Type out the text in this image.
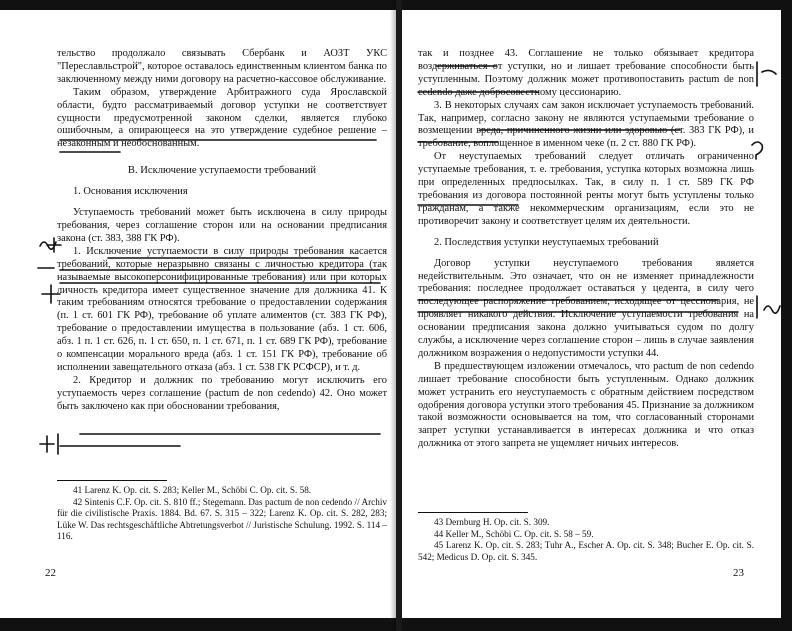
тельство продолжало связывать Сбербанк и АОЗТ УКС "Переславльстрой", которое оставалось единственным клиентом банка по заключенному между ними договору на расчетно-кассовое обслуживание.

Таким образом, утверждение Арбитражного суда Ярославской области, будто рассматриваемый договор уступки не соответствует сущности предусмотренной законом сделки, является глубоко ошибочным, а опирающееся на это утверждение судебное решение – незаконным и необоснованным.

В. Исключение уступаемости требований
1. Основания исключения

Уступаемость требований может быть исключена в силу природы требования, через соглашение сторон или на основании предписания закона (ст. 383, 388 ГК РФ).

1. Исключение уступаемости в силу природы требования касается требований, которые неразрывно связаны с личностью кредитора (так называемые высокоперсонифицированные требования) или при которых личность кредитора имеет существенное значение для должника 41. К таким требованиям относятся требование о предоставлении содержания (п. 1 ст. 601 ГК РФ), требование об уплате алиментов (ст. 383 ГК РФ), требование о предоставлении имущества в пользование (абз. 1 ст. 606, абз. 1 п. 1 ст. 626, п. 1 ст. 650, п. 1 ст. 671, п. 1 ст. 689 ГК РФ), требование о компенсации морального вреда (абз. 1 ст. 151 ГК РФ), требование об исполнении завещательного отказа (абз. 1 ст. 538 ГК РСФСР), и т. д.

2. Кредитор и должник по требованию могут исключить его уступаемость через соглашение (pactum de non cedendo) 42. Оно может быть заключено как при обосновании требования,

41 Larenz K. Op. cit. S. 283; Keller M., Schöbi C. Op. cit. S. 58.

42 Sintenis C.F. Op. cit. S. 810 ff.; Stegemann. Das pactum de non cedendo // Archiv für die civilistische Praxis. 1884. Bd. 67. S. 315 – 322; Larenz K. Op. cit. S. 282, 283; Lüke W. Das rechtsgeschäftliche Abtretungsverbot // Juristische Schulung. 1992. S. 114 – 116.

22

так и позднее 43. Соглашение не только обязывает кредитора воздерживаться от уступки, но и лишает требование способности быть уступленным. Поэтому должник может противопоставить pactum de non cedendo даже добросовестному цессионарию.

3. В некоторых случаях сам закон исключает уступаемость требований. Так, например, согласно закону не являются уступаемыми требование о возмещении вреда, причиненного жизни или здоровью (ст. 383 ГК РФ), и требование, воплощенное в именном чеке (п. 2 ст. 880 ГК РФ).

От неуступаемых требований следует отличать ограниченно уступаемые требования, т. е. требования, уступка которых возможна лишь при определенных предпосылках. Так, в силу п. 1 ст. 589 ГК РФ требования из договора постоянной ренты могут быть уступлены только гражданам, а также некоммерческим организациям, если это не противоречит закону и соответствует целям их деятельности.

2. Последствия уступки неуступаемых требований

Договор уступки неуступаемого требования является недействительным. Это означает, что он не изменяет принадлежности требования: последнее продолжает оставаться у цедента, в силу чего последующее распоряжение требованием, исходящее от цессионария, не проявляет никакого действия. Исключение уступаемости требования на основании предписания закона должно учитываться судом по долгу службы, а исключение через соглашение сторон – лишь в случае заявления должником возражения о недопустимости уступки 44.

В предшествующем изложении отмечалось, что pactum de non cedendo лишает требование способности быть уступленным. Однако должник может устранить его неуступаемость с обратным действием посредством одобрения договора уступки этого требования 45. Признание за должником такой возможности основывается на том, что согласованный сторонами запрет уступки устанавливается в интересах должника и что отказ должника от этого запрета не ущемляет ничьих интересов.

43 Dernburg H. Op. cit. S. 309.

44 Keller M., Schöbi C. Op. cit. S. 58 – 59.

45 Larenz K. Op. cit. S. 283; Tuhr A., Escher A. Op. cit. S. 348; Bucher E. Op. cit. S. 542; Medicus D. Op. cit. S. 345.

23
